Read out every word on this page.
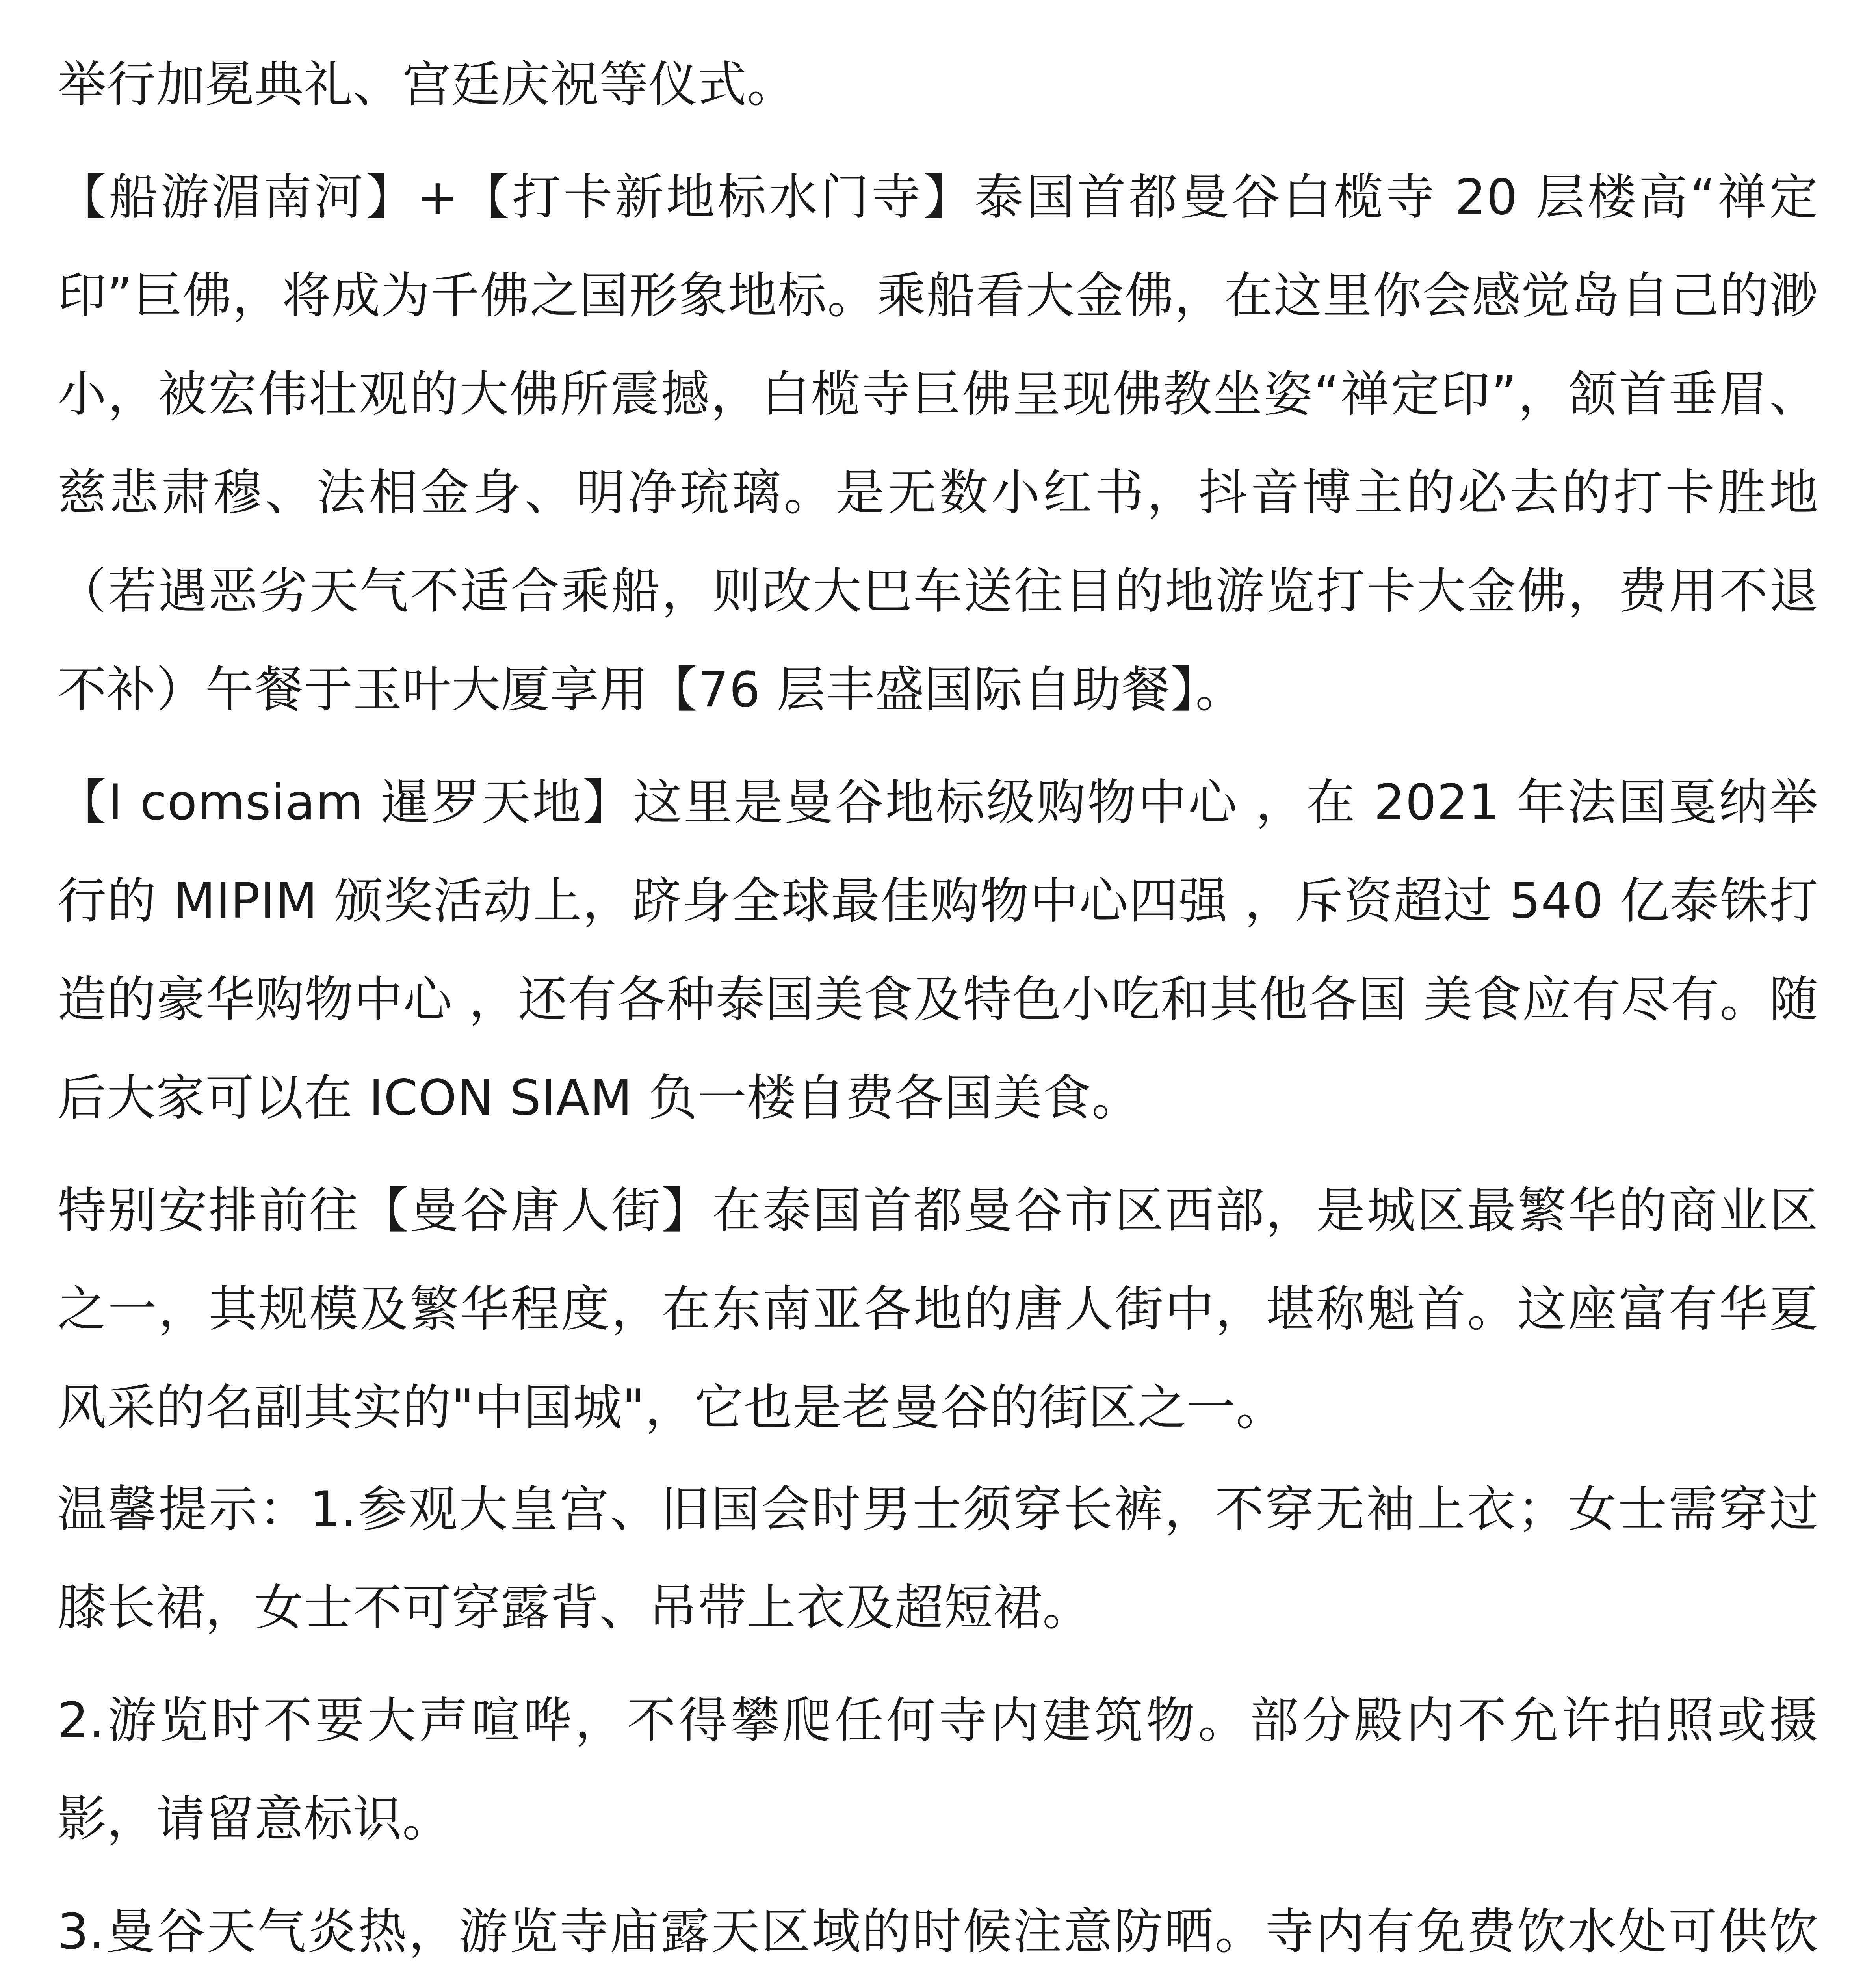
举行加冕典礼、宫廷庆祝等仪式。

【船游湄南河】+【打卡新地标水门寺】泰国首都曼谷白榄寺 20 层楼高“禅定印”巨佛，将成为千佛之国形象地标。乘船看大金佛，在这里你会感觉岛自己的渺小，被宏伟壮观的大佛所震撼，白榄寺巨佛呈现佛教坐姿“禅定印”，颔首垂眉、慈悲肃穆、法相金身、明净琉璃。是无数小红书，抖音博主的必去的打卡胜地（若遇恶劣天气不适合乘船，则改大巴车送往目的地游览打卡大金佛，费用不退不补）午餐于玉叶大厦享用【76 层丰盛国际自助餐】。

【I comsiam 暹罗天地】这里是曼谷地标级购物中心 ，在 2021 年法国戛纳举行的 MIPIM 颁奖活动上，跻身全球最佳购物中心四强 ，斥资超过 540 亿泰铢打造的豪华购物中心 ，还有各种泰国美食及特色小吃和其他各国 美食应有尽有。随后大家可以在 ICON SIAM 负一楼自费各国美食。

特别安排前往【曼谷唐人街】在泰国首都曼谷市区西部，是城区最繁华的商业区之一，其规模及繁华程度，在东南亚各地的唐人街中，堪称魁首。这座富有华夏风采的名副其实的"中国城"，它也是老曼谷的街区之一。

温馨提示：1.参观大皇宫、旧国会时男士须穿长裤，不穿无袖上衣；女士需穿过膝长裙，女士不可穿露背、吊带上衣及超短裙。

2.游览时不要大声喧哗，不得攀爬任何寺内建筑物。部分殿内不允许拍照或摄影，请留意标识。

3.曼谷天气炎热，游览寺庙露天区域的时候注意防晒。寺内有免费饮水处可供饮
